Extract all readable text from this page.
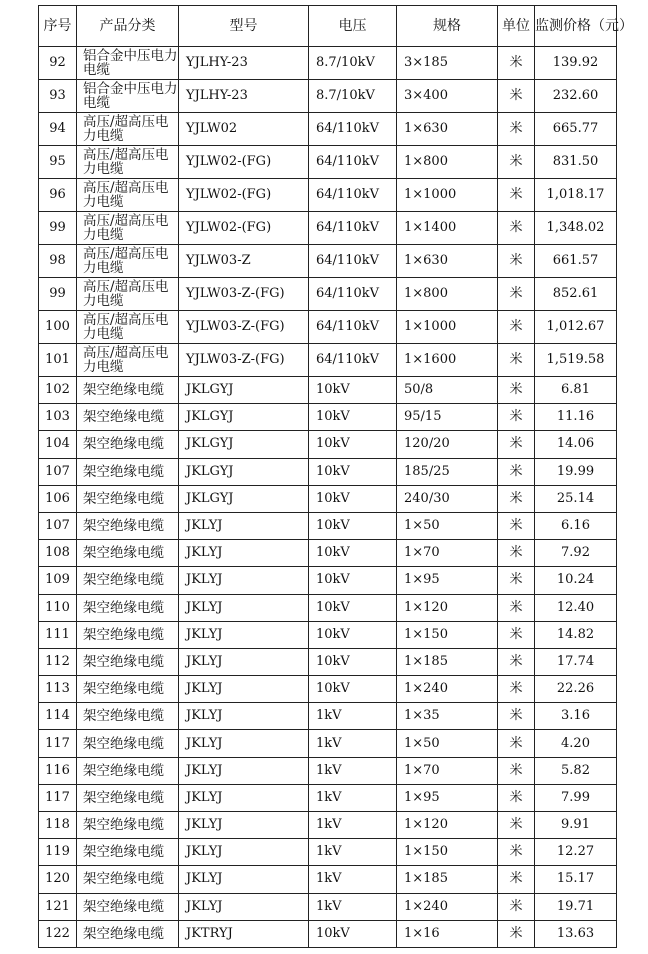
序号	产品分类	型号	电压	规格	单位	监测价格（元）
92	铝合金中压电力电缆	YJLHY-23	8.7/10kV	3×185	米	139.92
93	铝合金中压电力电缆	YJLHY-23	8.7/10kV	3×400	米	232.60
94	高压/超高压电力电缆	YJLW02	64/110kV	1×630	米	665.77
95	高压/超高压电力电缆	YJLW02-(FG)	64/110kV	1×800	米	831.50
96	高压/超高压电力电缆	YJLW02-(FG)	64/110kV	1×1000	米	1,018.17
99	高压/超高压电力电缆	YJLW02-(FG)	64/110kV	1×1400	米	1,348.02
98	高压/超高压电力电缆	YJLW03-Z	64/110kV	1×630	米	661.57
99	高压/超高压电力电缆	YJLW03-Z-(FG)	64/110kV	1×800	米	852.61
100	高压/超高压电力电缆	YJLW03-Z-(FG)	64/110kV	1×1000	米	1,012.67
101	高压/超高压电力电缆	YJLW03-Z-(FG)	64/110kV	1×1600	米	1,519.58
102	架空绝缘电缆	JKLGYJ	10kV	50/8	米	6.81
103	架空绝缘电缆	JKLGYJ	10kV	95/15	米	11.16
104	架空绝缘电缆	JKLGYJ	10kV	120/20	米	14.06
107	架空绝缘电缆	JKLGYJ	10kV	185/25	米	19.99
106	架空绝缘电缆	JKLGYJ	10kV	240/30	米	25.14
107	架空绝缘电缆	JKLYJ	10kV	1×50	米	6.16
108	架空绝缘电缆	JKLYJ	10kV	1×70	米	7.92
109	架空绝缘电缆	JKLYJ	10kV	1×95	米	10.24
110	架空绝缘电缆	JKLYJ	10kV	1×120	米	12.40
111	架空绝缘电缆	JKLYJ	10kV	1×150	米	14.82
112	架空绝缘电缆	JKLYJ	10kV	1×185	米	17.74
113	架空绝缘电缆	JKLYJ	10kV	1×240	米	22.26
114	架空绝缘电缆	JKLYJ	1kV	1×35	米	3.16
117	架空绝缘电缆	JKLYJ	1kV	1×50	米	4.20
116	架空绝缘电缆	JKLYJ	1kV	1×70	米	5.82
117	架空绝缘电缆	JKLYJ	1kV	1×95	米	7.99
118	架空绝缘电缆	JKLYJ	1kV	1×120	米	9.91
119	架空绝缘电缆	JKLYJ	1kV	1×150	米	12.27
120	架空绝缘电缆	JKLYJ	1kV	1×185	米	15.17
121	架空绝缘电缆	JKLYJ	1kV	1×240	米	19.71
122	架空绝缘电缆	JKTRYJ	10kV	1×16	米	13.63
